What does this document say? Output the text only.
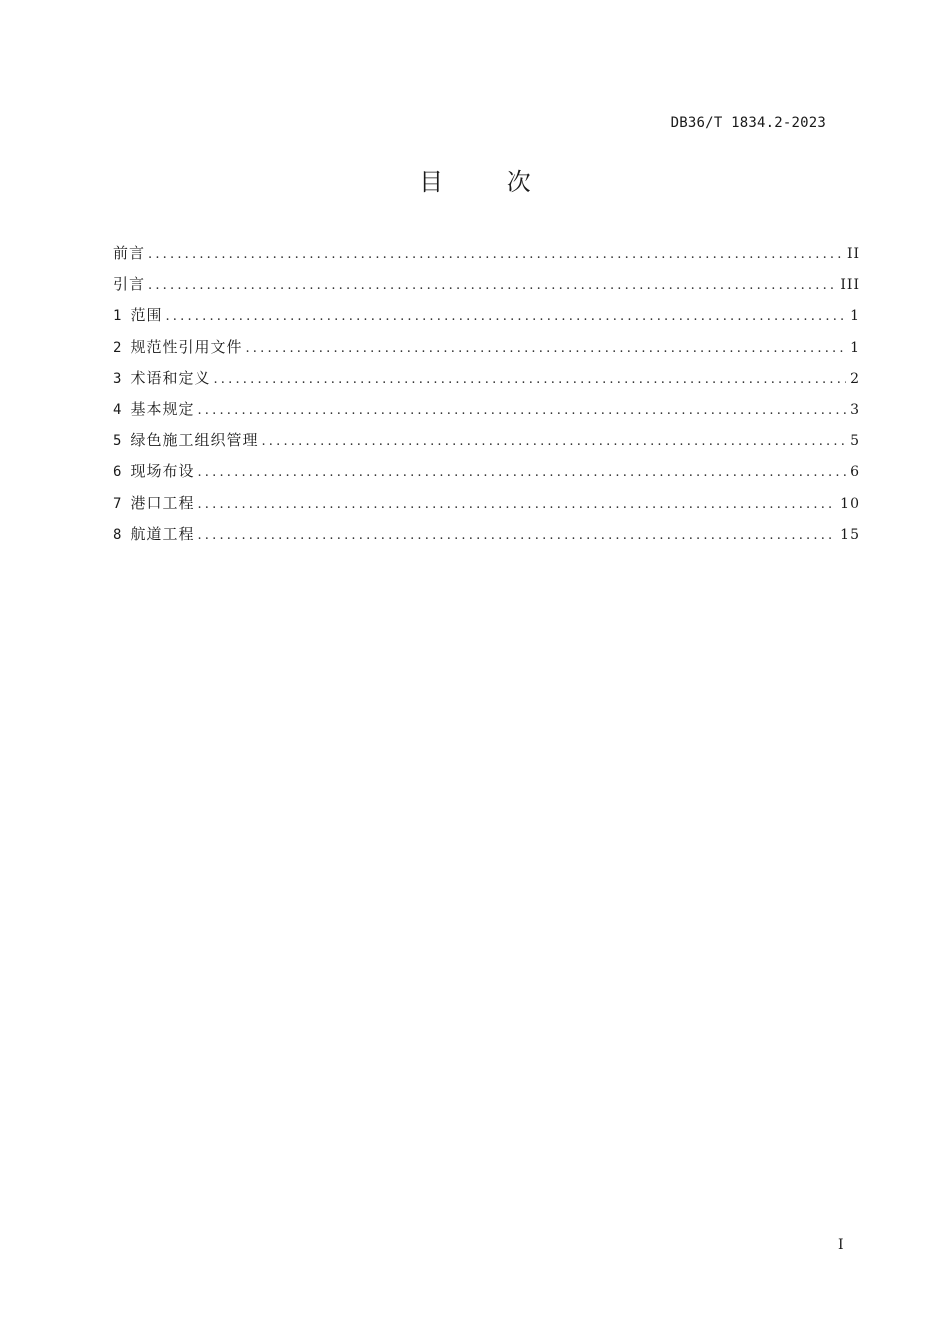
DB36/T 1834.2-2023
目 次
前言 .....	II
引言 .....	III
1 范围 .....	1
2 规范性引用文件 .....	1
3 术语和定义 .....	2
4 基本规定 .....	3
5 绿色施工组织管理 .....	5
6 现场布设 .....	6
7 港口工程 .....	10
8 航道工程 .....	15
I
